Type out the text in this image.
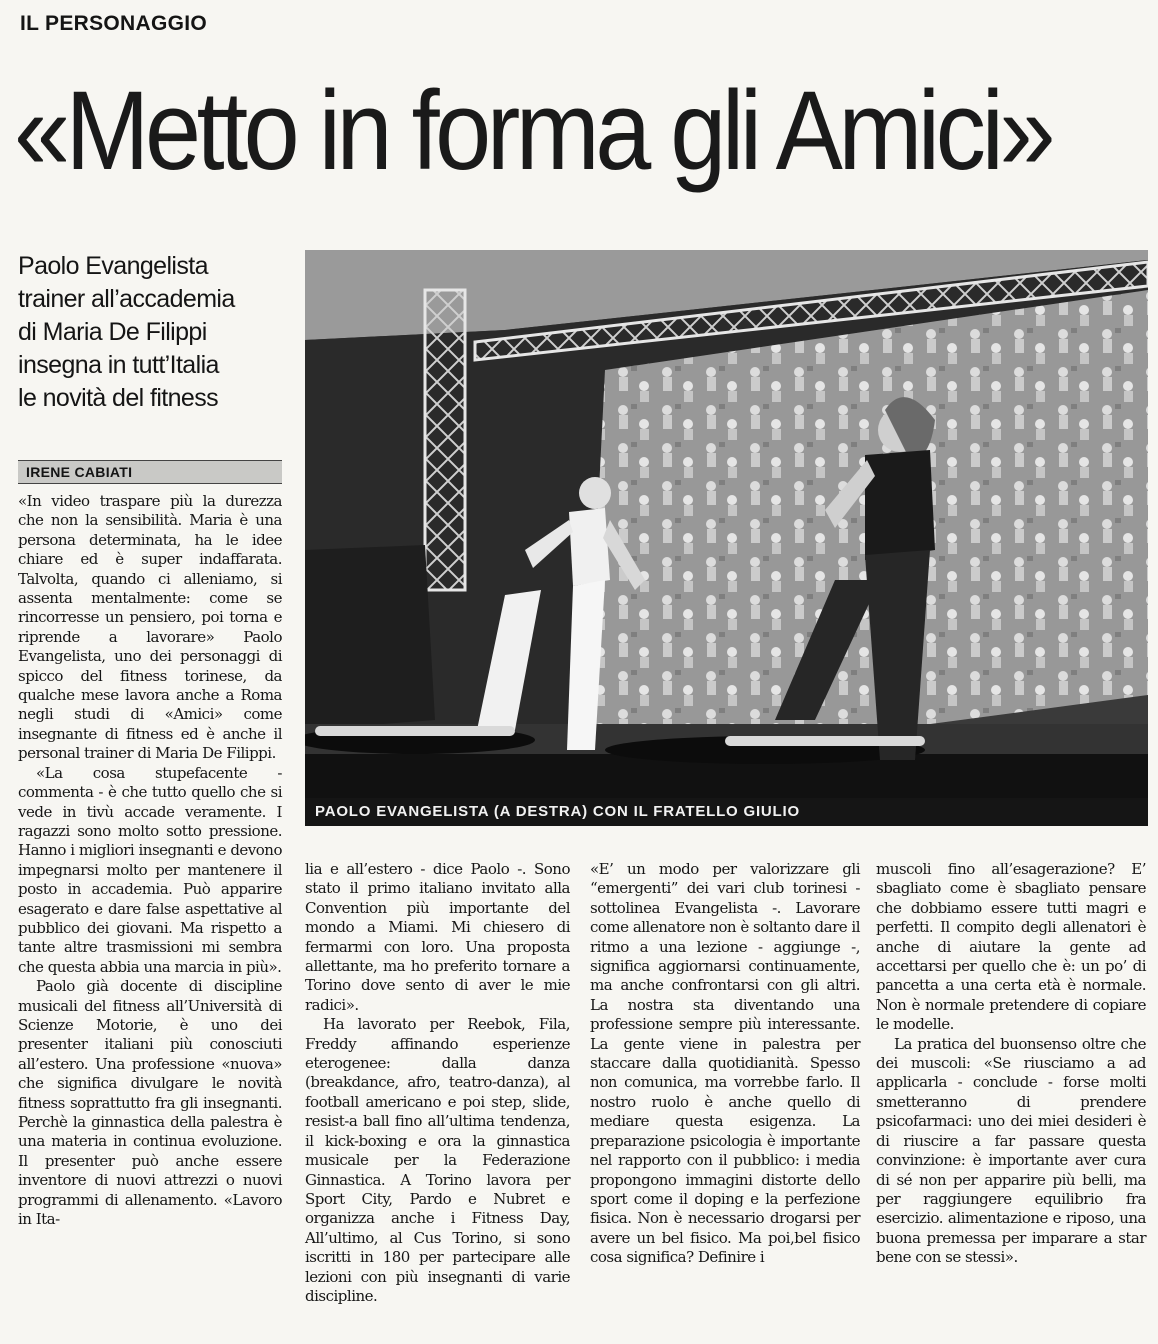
IL PERSONAGGIO
«Metto in forma gli Amici»
Paolo Evangelista
trainer all’accademia
di Maria De Filippi
insegna in tutt’Italia
le novità del fitness
IRENE CABIATI
PAOLO EVANGELISTA (A DESTRA) CON IL FRATELLO GIULIO

«In video traspare più la durezza che non la sensibilità. Maria è una persona determinata, ha le idee chiare ed è super indaffarata. Talvolta, quando ci alleniamo, si assenta mentalmente: come se rincorresse un pensiero, poi torna e riprende a lavorare» Paolo Evangelista, uno dei personaggi di spicco del fitness torinese, da qualche mese lavora anche a Roma negli studi di «Amici» come insegnante di fitness ed è anche il personal trainer di Maria De Filippi.

«La cosa stupefacente - commenta - è che tutto quello che si vede in tivù accade veramente. I ragazzi sono molto sotto pressione. Hanno i migliori insegnanti e devono impegnarsi molto per mantenere il posto in accademia. Può apparire esagerato e dare false aspettative al pubblico dei giovani. Ma rispetto a tante altre trasmissioni mi sembra che questa abbia una marcia in più».

Paolo già docente di discipline musicali del fitness all’Università di Scienze Motorie, è uno dei presenter italiani più conosciuti all’estero. Una professione «nuova» che significa divulgare le novità fitness soprattutto fra gli insegnanti. Perchè la ginnastica della palestra è una materia in continua evoluzione. Il presenter può anche essere inventore di nuovi attrezzi o nuovi programmi di allenamento. «Lavoro in Ita-

lia e all’estero - dice Paolo -. Sono stato il primo italiano invitato alla Convention più importante del mondo a Miami. Mi chiesero di fermarmi con loro. Una proposta allettante, ma ho preferito tornare a Torino dove sento di aver le mie radici».

Ha lavorato per Reebok, Fila, Freddy affinando esperienze eterogenee: dalla danza (breakdance, afro, teatro-danza), al football americano e poi step, slide, resist-a ball fino all’ultima tendenza, il kick-boxing e ora la ginnastica musicale per la Federazione Ginnastica. A Torino lavora per Sport City, Pardo e Nubret e organizza anche i Fitness Day, All’ultimo, al Cus Torino, si sono iscritti in 180 per partecipare alle lezioni con più insegnanti di varie discipline.

«E’ un modo per valorizzare gli “emergenti” dei vari club torinesi - sottolinea Evangelista -. Lavorare come allenatore non è soltanto dare il ritmo a una lezione - aggiunge -, significa aggiornarsi continuamente, ma anche confrontarsi con gli altri. La nostra sta diventando una professione sempre più interessante. La gente viene in palestra per staccare dalla quotidianità. Spesso non comunica, ma vorrebbe farlo. Il nostro ruolo è anche quello di mediare questa esigenza. La preparazione psicologia è importante nel rapporto con il pubblico: i media propongono immagini distorte dello sport come il doping e la perfezione fisica. Non è necessario drogarsi per avere un bel fisico. Ma poi,bel fisico cosa significa? Definire i

muscoli fino all’esagerazione? E’ sbagliato come è sbagliato pensare che dobbiamo essere tutti magri e perfetti. Il compito degli allenatori è anche di aiutare la gente ad accettarsi per quello che è: un po’ di pancetta a una certa età è normale. Non è normale pretendere di copiare le modelle.

La pratica del buonsenso oltre che dei muscoli: «Se riusciamo a ad applicarla - conclude - forse molti smetteranno di prendere psicofarmaci: uno dei miei desideri è di riuscire a far passare questa convinzione: è importante aver cura di sé non per apparire più belli, ma per raggiungere equilibrio fra esercizio. alimentazione e riposo, una buona premessa per imparare a star bene con se stessi».
